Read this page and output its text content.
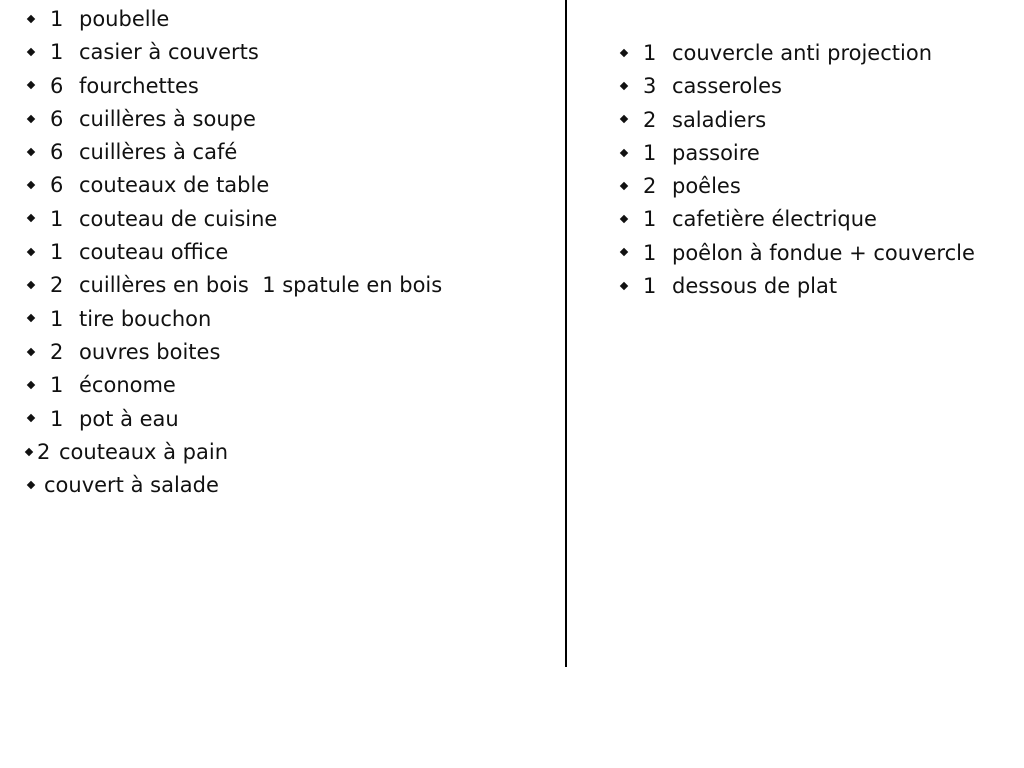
1 poubelle
1 casier à couverts
6 fourchettes
6 cuillères à soupe
6 cuillères à café
6 couteaux de table
1 couteau de cuisine
1 couteau office
2 cuillères en bois  1 spatule en bois
1 tire bouchon
2 ouvres boites
1 économe
1 pot à eau
2 couteaux à pain
couvert à salade
1 couvercle anti projection
3 casseroles
2 saladiers
1 passoire
2 poêles
1 cafetière électrique
1 poêlon à fondue + couvercle
1 dessous de plat
